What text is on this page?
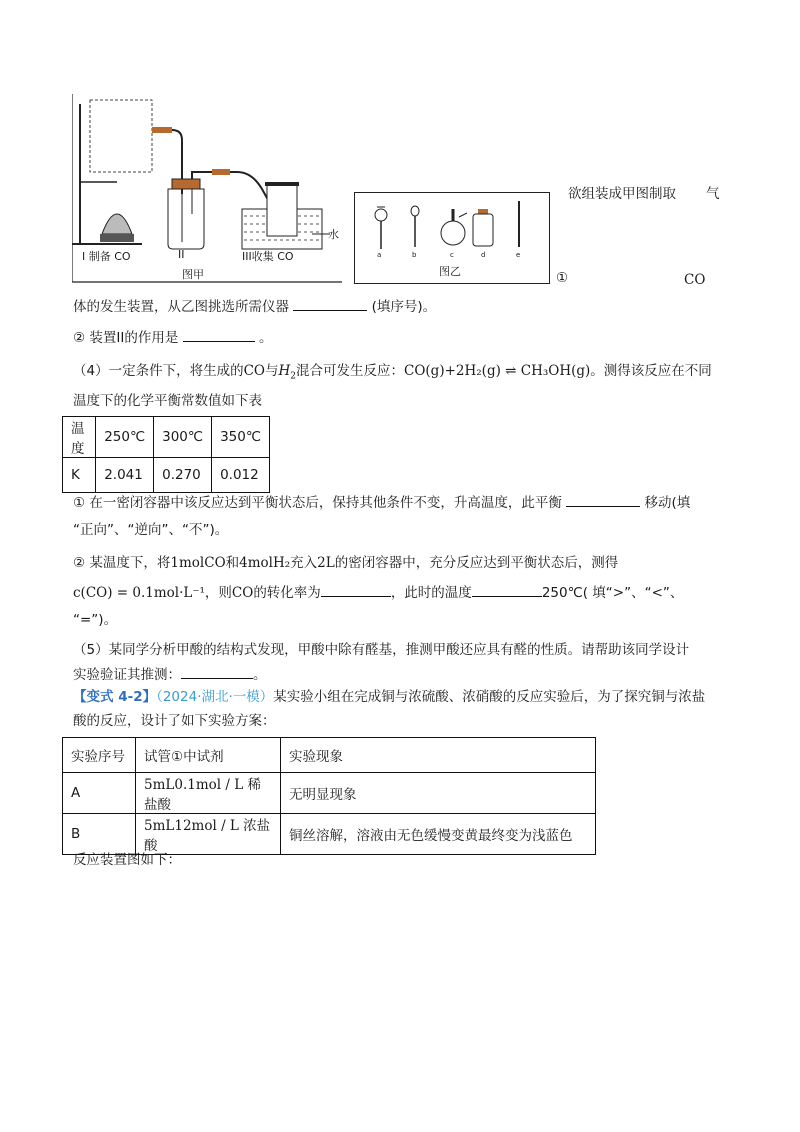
I 制备 CO	II	III收集 CO
水
图甲
a	b	c	d	e
图乙
欲组装成甲图制取 气
①	CO
体的发生装置，从乙图挑选所需仪器	(填序号)。
② 装置II的作用是	。
（4）一定条件下，将生成的CO与$H_2$混合可发生反应：CO(g)+2H₂(g) ⇌ CH₃OH(g)。测得该反应在不同
温度下的化学平衡常数值如下表
温度	250℃	300℃	350℃
K	2.041	0.270	0.012
① 在一密闭容器中该反应达到平衡状态后，保持其他条件不变，升高温度，此平衡	移动(填
“正向”、“逆向”、“不”)。
② 某温度下，将1molCO和4molH₂充入2L的密闭容器中，充分反应达到平衡状态后，测得
c(CO) = 0.1mol·L⁻¹，则CO的转化率为	，此时的温度	250℃( 填“>”、“<”、
“=”)。
（5）某同学分析甲酸的结构式发现，甲酸中除有醛基，推测甲酸还应具有醛的性质。请帮助该同学设计
实验验证其推测：	。
【变式 4-2】（2024·湖北·一模）某实验小组在完成铜与浓硫酸、浓硝酸的反应实验后，为了探究铜与浓盐
酸的反应，设计了如下实验方案：
实验序号	试管①中试剂	实验现象
A	5mL0.1mol / L 稀盐酸	无明显现象
B	5mL12mol / L 浓盐酸	铜丝溶解，溶液由无色缓慢变黄最终变为浅蓝色
反应装置图如下：
